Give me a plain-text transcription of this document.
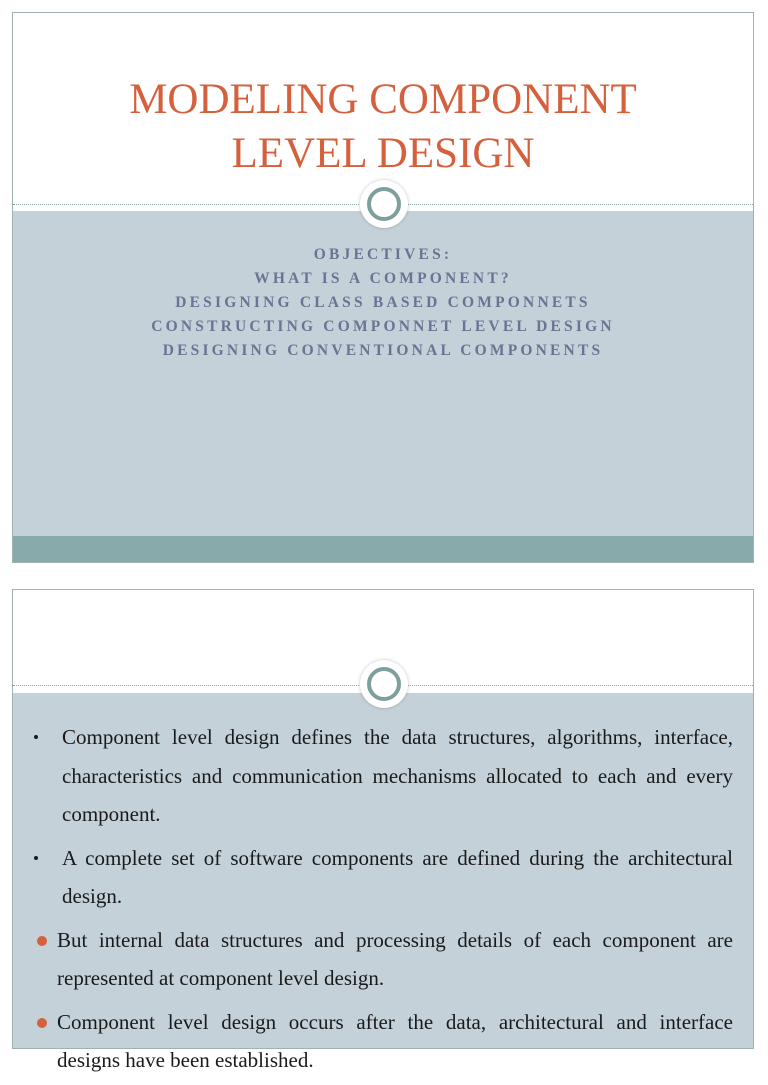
MODELING COMPONENT
LEVEL DESIGN
OBJECTIVES:
WHAT IS A COMPONENT?
DESIGNING CLASS BASED COMPONNETS
CONSTRUCTING COMPONNET LEVEL DESIGN
DESIGNING CONVENTIONAL COMPONENTS
Component level design defines the data structures, algorithms, interface, characteristics and communication mechanisms allocated to each and every component.
A complete set of software components are defined during the architectural design.
But internal data structures and processing details of each component are represented at component level design.
Component level design occurs after the data, architectural and interface designs have been established.
